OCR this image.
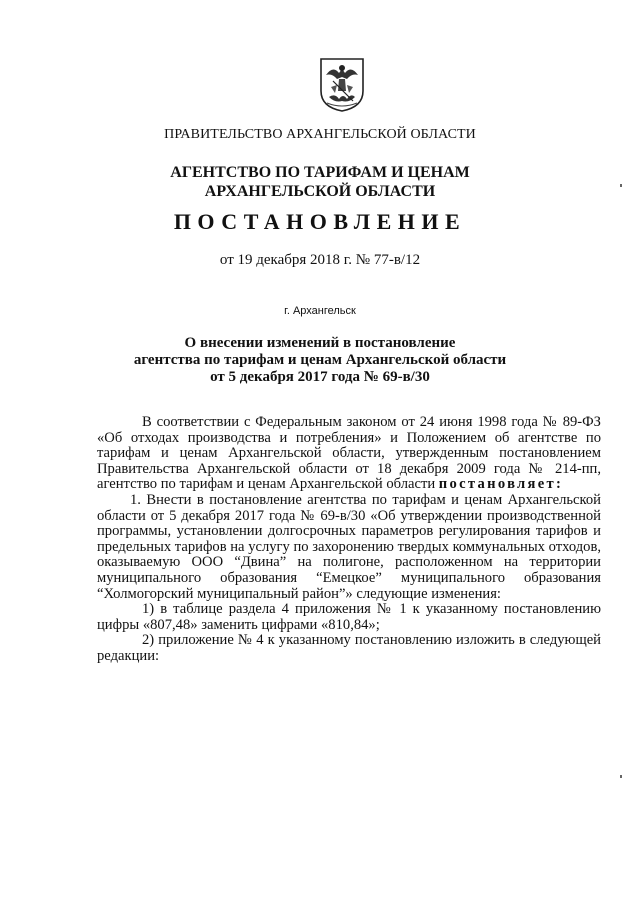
ПРАВИТЕЛЬСТВО АРХАНГЕЛЬСКОЙ ОБЛАСТИ
АГЕНТСТВО ПО ТАРИФАМ И ЦЕНАМ
АРХАНГЕЛЬСКОЙ ОБЛАСТИ
ПОСТАНОВЛЕНИЕ
от 19 декабря 2018 г. № 77-в/12
г. Архангельск
О внесении изменений в постановление
агентства по тарифам и ценам Архангельской области
от 5 декабря 2017 года № 69-в/30

В соответствии с Федеральным законом от 24 июня 1998 года № 89-ФЗ «Об отходах производства и потребления» и Положением об агентстве по тарифам и ценам Архангельской области, утвержденным постановлением Правительства Архангельской области от 18 декабря 2009 года № 214-пп, агентство по тарифам и ценам Архангельской области постановляет:

1. Внести в постановление агентства по тарифам и ценам Архангельской области от 5 декабря 2017 года № 69-в/30 «Об утверждении производственной программы, установлении долгосрочных параметров регулирования тарифов и предельных тарифов на услугу по захоронению твердых коммунальных отходов, оказываемую ООО “Двина” на полигоне, расположенном на территории муниципального образования “Емецкое” муниципального образования “Холмогорский муниципальный район”» следующие изменения:

1) в таблице раздела 4 приложения № 1 к указанному постановлению цифры «807,48» заменить цифрами «810,84»;

2) приложение № 4 к указанному постановлению изложить в следующей редакции:
